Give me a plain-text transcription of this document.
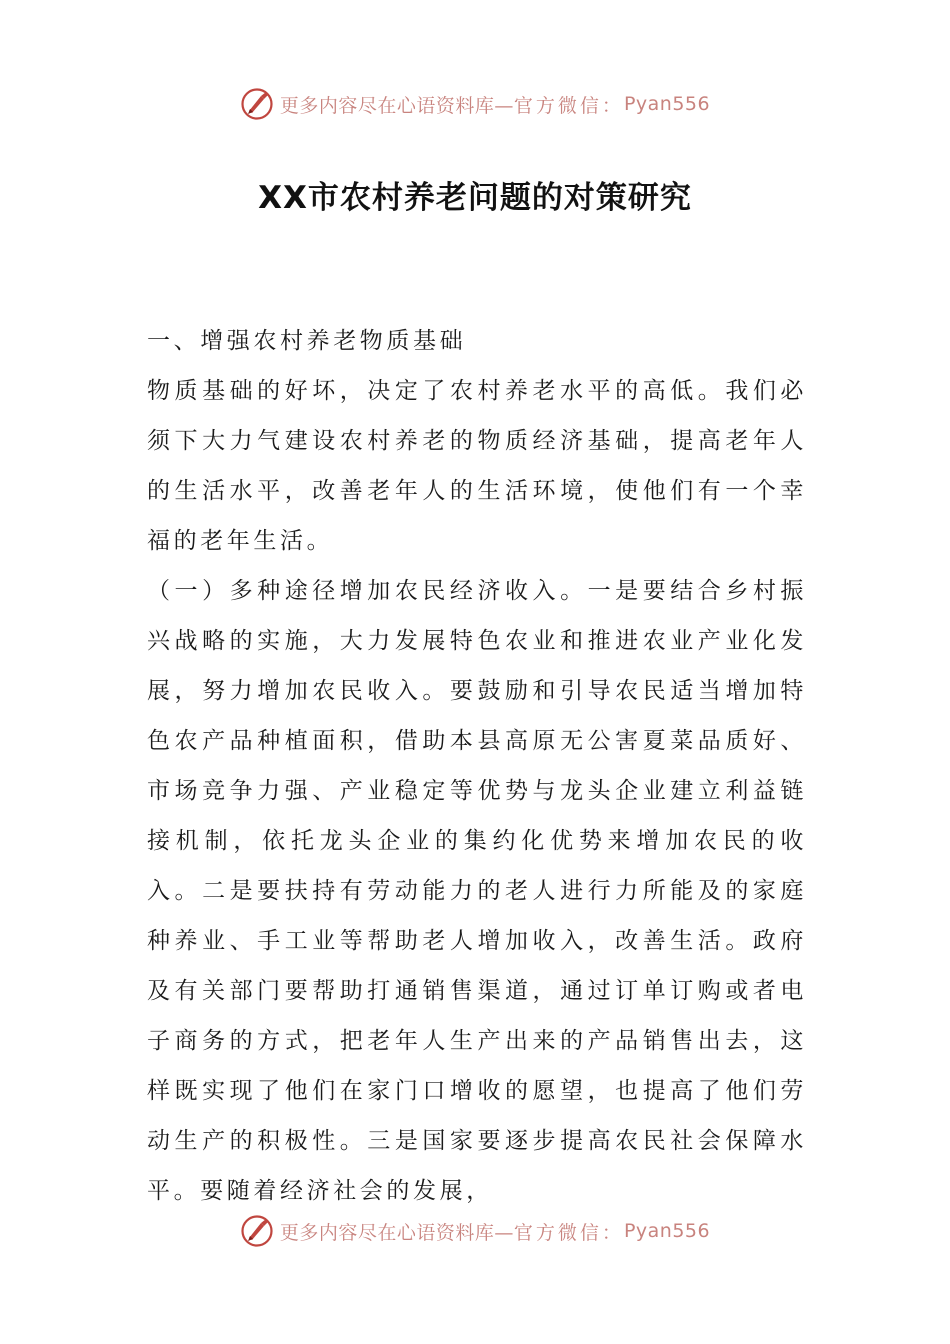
更多内容尽在心语资料库— 官方微信： Pyan556
XX市农村养老问题的对策研究

一、增强农村养老物质基础

物质基础的好坏，决定了农村养老水平的高低。我们必须下大力气建设农村养老的物质经济基础，提高老年人的生活水平，改善老年人的生活环境，使他们有一个幸福的老年生活。

（一）多种途径增加农民经济收入。一是要结合乡村振兴战略的实施，大力发展特色农业和推进农业产业化发展，努力增加农民收入。要鼓励和引导农民适当增加特色农产品种植面积，借助本县高原无公害夏菜品质好、市场竞争力强、产业稳定等优势与龙头企业建立利益链接机制，依托龙头企业的集约化优势来增加农民的收入。二是要扶持有劳动能力的老人进行力所能及的家庭种养业、手工业等帮助老人增加收入，改善生活。政府及有关部门要帮助打通销售渠道，通过订单订购或者电子商务的方式，把老年人生产出来的产品销售出去，这样既实现了他们在家门口增收的愿望，也提高了他们劳动生产的积极性。三是国家要逐步提高农民社会保障水平。要随着经济社会的发展，

更多内容尽在心语资料库— 官方微信： Pyan556
